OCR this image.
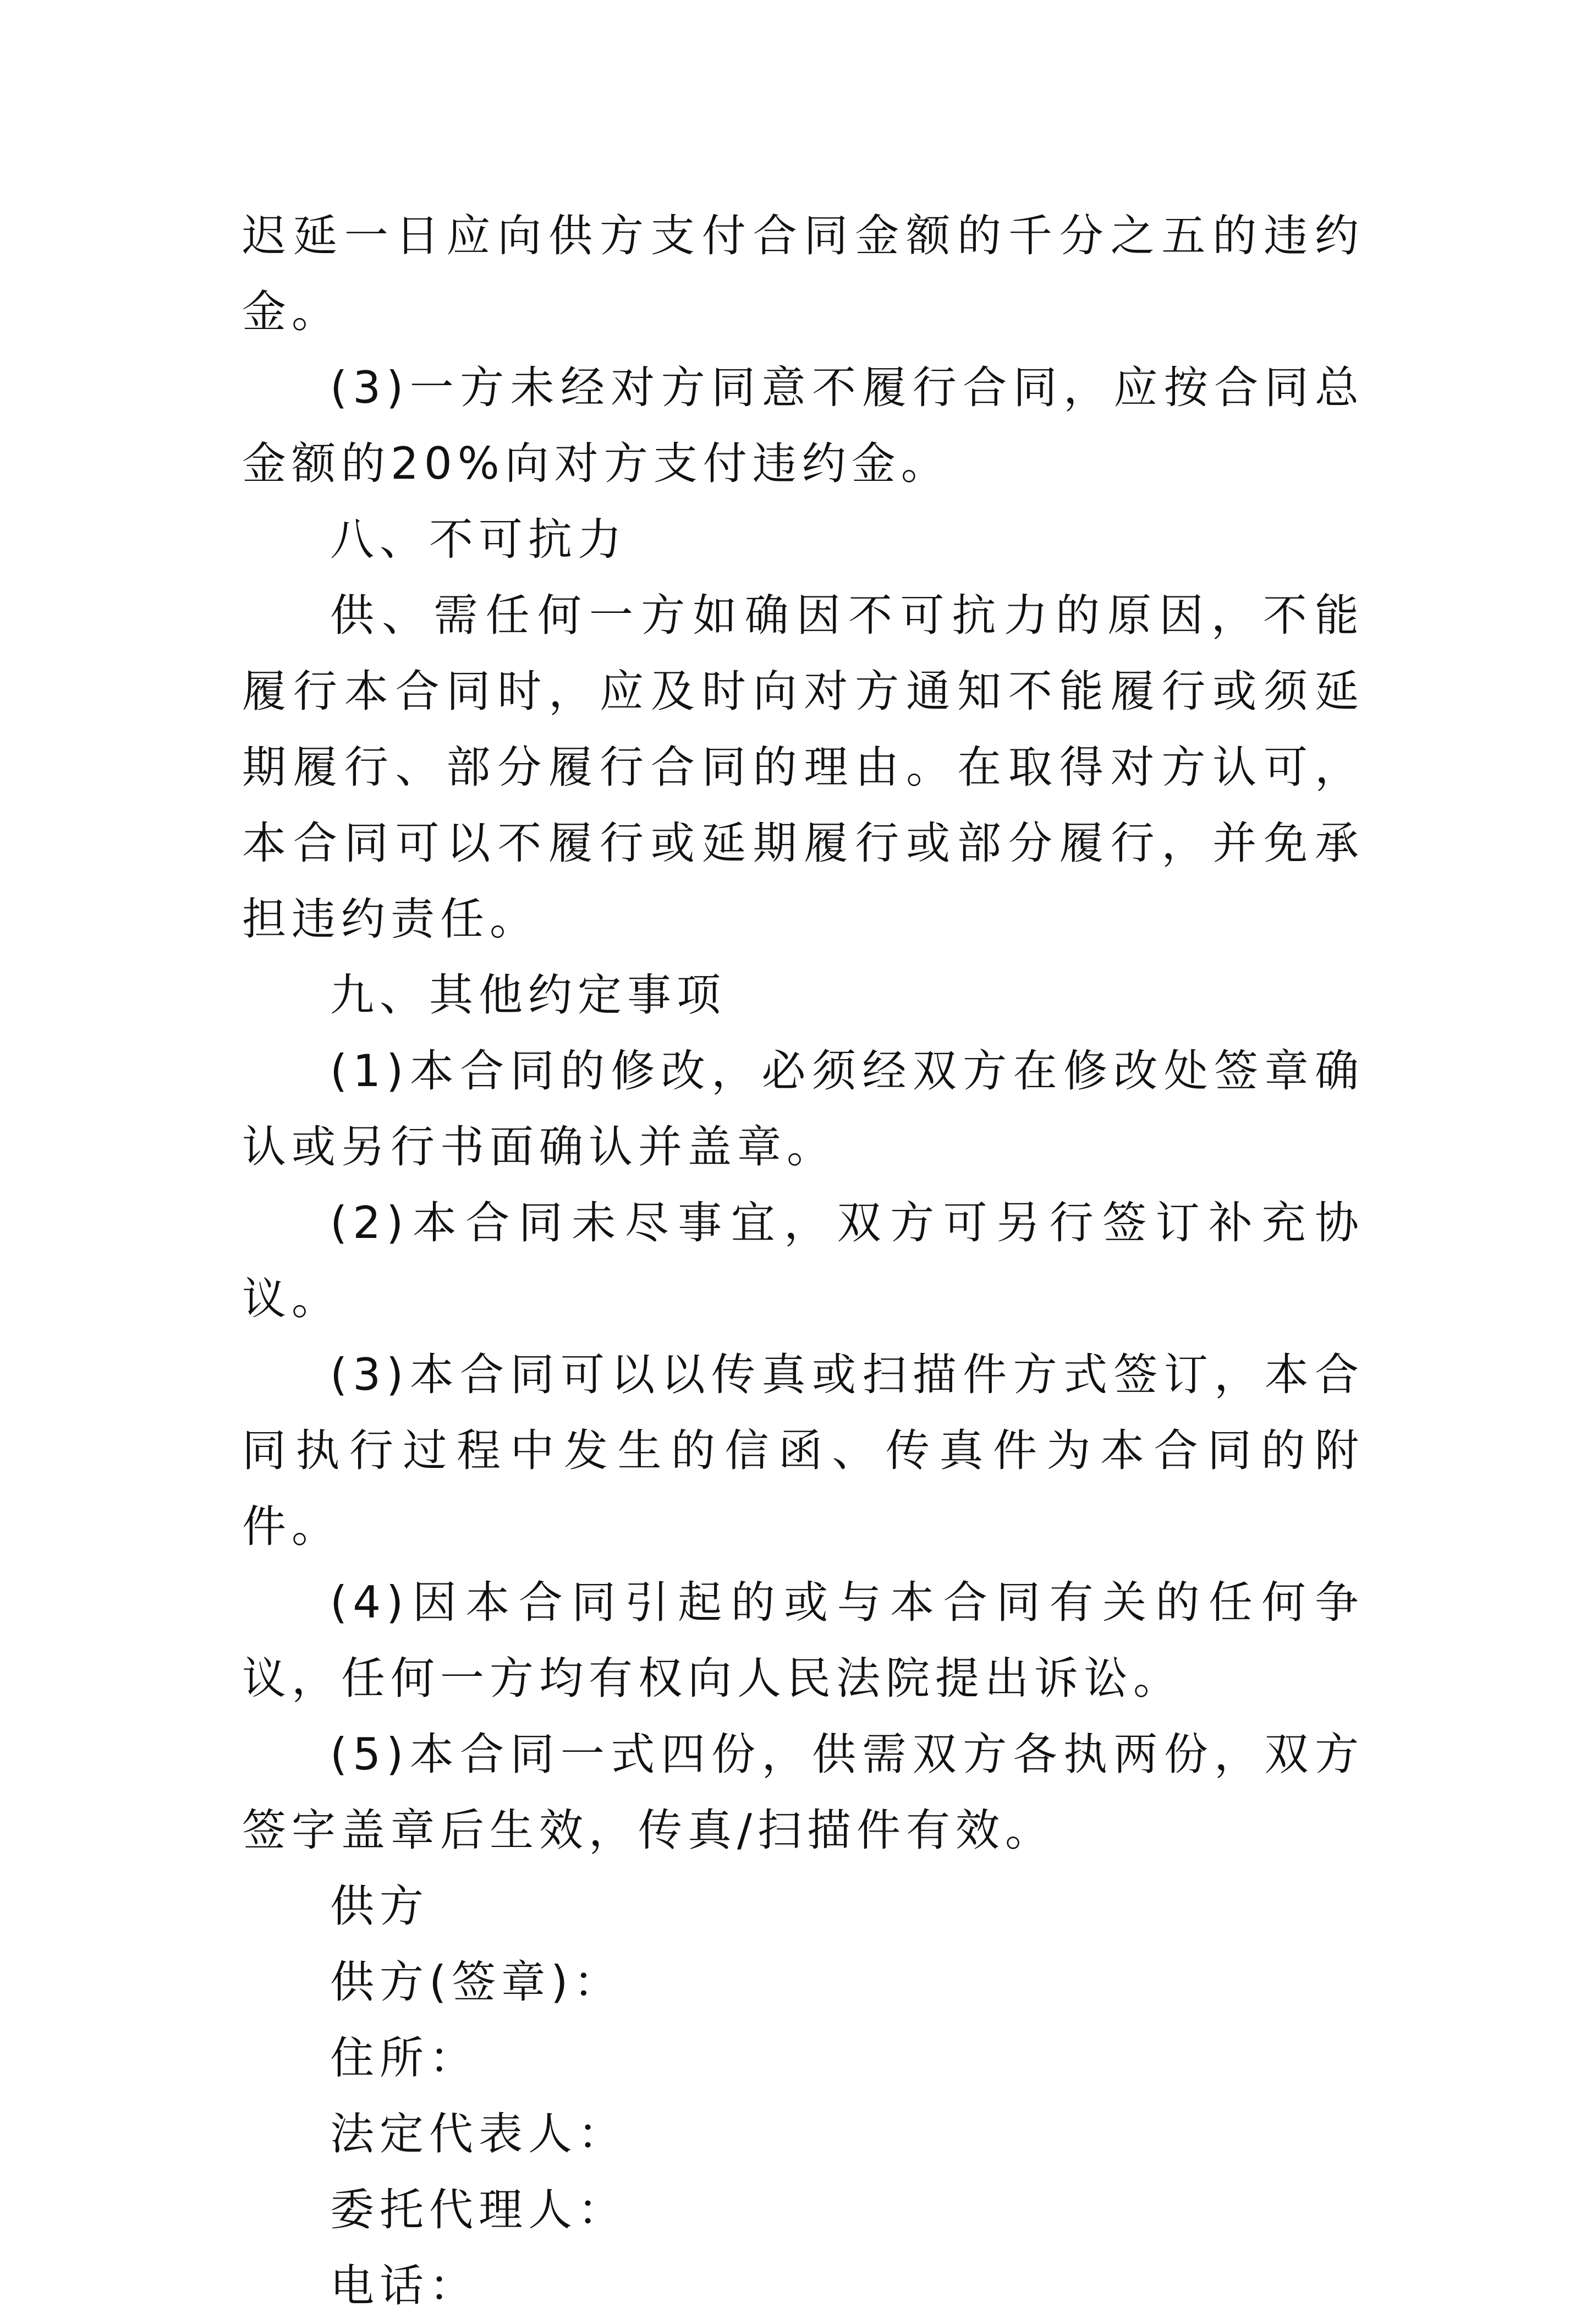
迟延一日应向供方支付合同金额的千分之五的违约金。

(3)一方未经对方同意不履行合同，应按合同总金额的20%向对方支付违约金。

八、不可抗力

供、需任何一方如确因不可抗力的原因，不能履行本合同时，应及时向对方通知不能履行或须延期履行、部分履行合同的理由。在取得对方认可，本合同可以不履行或延期履行或部分履行，并免承担违约责任。

九、其他约定事项

(1)本合同的修改，必须经双方在修改处签章确认或另行书面确认并盖章。

(2)本合同未尽事宜，双方可另行签订补充协议。

(3)本合同可以以传真或扫描件方式签订，本合同执行过程中发生的信函、传真件为本合同的附件。

(4)因本合同引起的或与本合同有关的任何争议，任何一方均有权向人民法院提出诉讼。

(5)本合同一式四份，供需双方各执两份，双方签字盖章后生效，传真/扫描件有效。

供方

供方(签章)：

住所：

法定代表人：

委托代理人：

电话：
